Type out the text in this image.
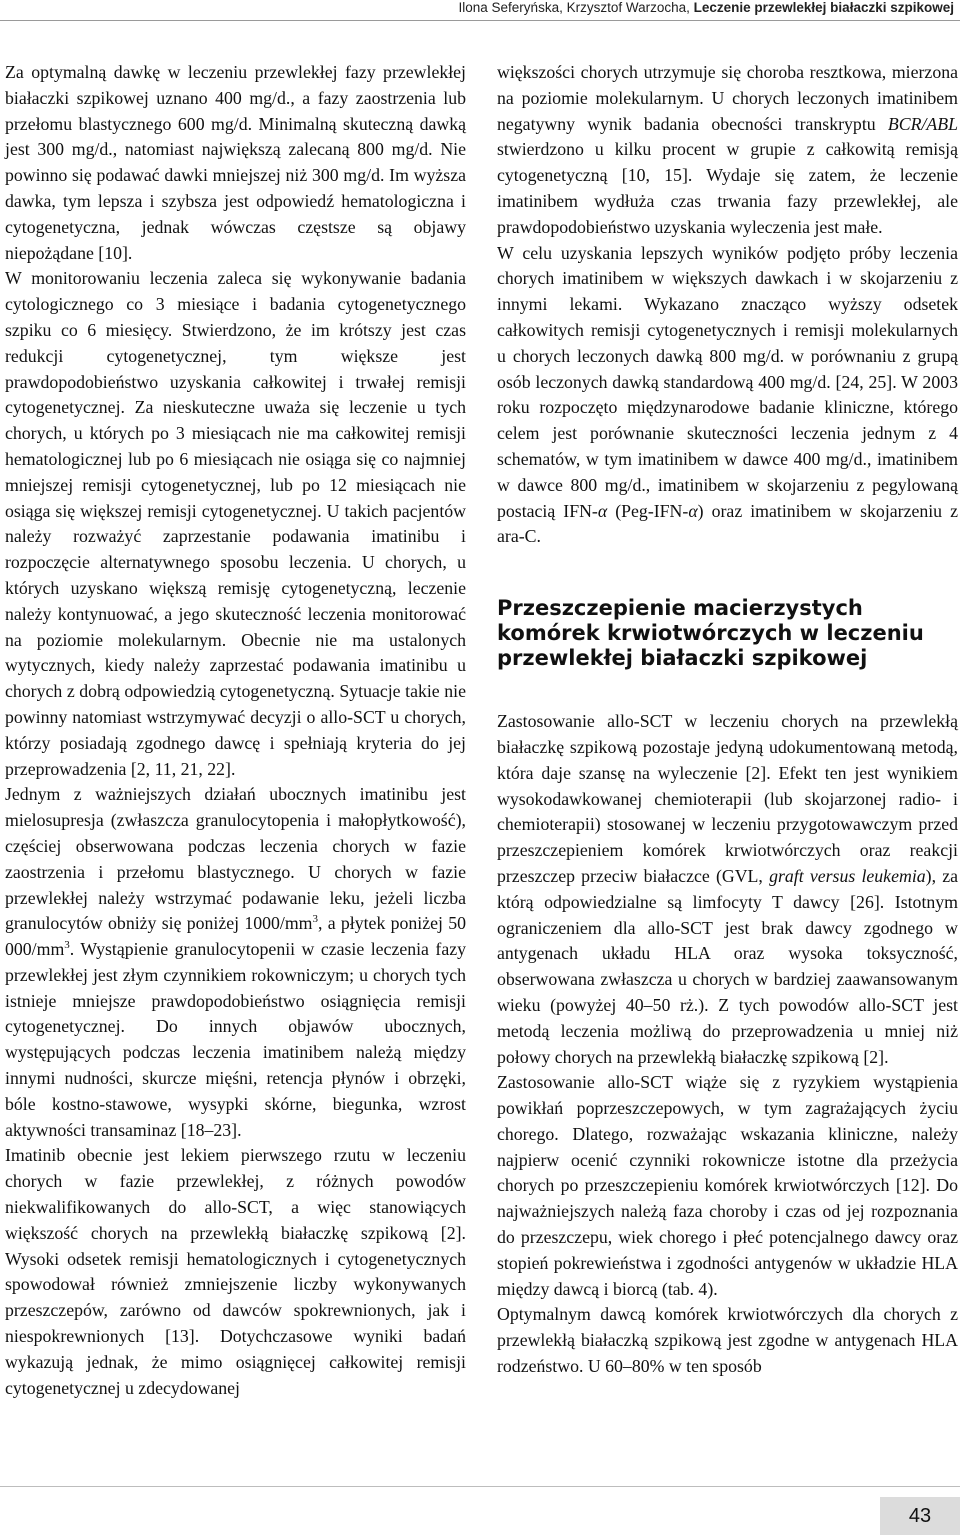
Ilona Seferyńska, Krzysztof Warzocha, Leczenie przewlekłej białaczki szpikowej

Za optymalną dawkę w leczeniu przewlekłej fazy przewlekłej białaczki szpikowej uznano 400 mg/d., a fazy zaostrzenia lub przełomu blastycznego 600 mg/d. Minimalną skuteczną dawką jest 300 mg/d., natomiast największą zalecaną 800 mg/d. Nie powinno się podawać dawki mniejszej niż 300 mg/d. Im wyższa dawka, tym lepsza i szybsza jest odpowiedź hematologiczna i cytogenetyczna, jednak wówczas częstsze są objawy niepożądane [10].

W monitorowaniu leczenia zaleca się wykonywanie badania cytologicznego co 3 miesiące i badania cytogenetycznego szpiku co 6 miesięcy. Stwierdzono, że im krótszy jest czas redukcji cytogenetycznej, tym większe jest prawdopodobieństwo uzyskania całkowitej i trwałej remisji cytogenetycznej. Za nieskuteczne uważa się leczenie u tych chorych, u których po 3 miesiącach nie ma całkowitej remisji hematologicznej lub po 6 miesiącach nie osiąga się co najmniej mniejszej remisji cytogenetycznej, lub po 12 miesiącach nie osiąga się większej remisji cytogenetycznej. U takich pacjentów należy rozważyć zaprzestanie podawania imatinibu i rozpoczęcie alternatywnego sposobu leczenia. U chorych, u których uzyskano większą remisję cytogenetyczną, leczenie należy kontynuować, a jego skuteczność leczenia monitorować na poziomie molekularnym. Obecnie nie ma ustalonych wytycznych, kiedy należy zaprzestać podawania imatinibu u chorych z dobrą odpowiedzią cytogenetyczną. Sytuacje takie nie powinny natomiast wstrzymywać decyzji o allo-SCT u chorych, którzy posiadają zgodnego dawcę i spełniają kryteria do jej przeprowadzenia [2, 11, 21, 22].

Jednym z ważniejszych działań ubocznych imatinibu jest mielosupresja (zwłaszcza granulocytopenia i małopłytkowość), częściej obserwowana podczas leczenia chorych w fazie zaostrzenia i przełomu blastycznego. U chorych w fazie przewlekłej należy wstrzymać podawanie leku, jeżeli liczba granulocytów obniży się poniżej $1000/mm^3$, a płytek poniżej 50 $000/mm^3$. Wystąpienie granulocytopenii w czasie leczenia fazy przewlekłej jest złym czynnikiem rokowniczym; u chorych tych istnieje mniejsze prawdopodobieństwo osiągnięcia remisji cytogenetycznej. Do innych objawów ubocznych, występujących podczas leczenia imatinibem należą między innymi nudności, skurcze mięśni, retencja płynów i obrzęki, bóle kostno-stawowe, wysypki skórne, biegunka, wzrost aktywności transaminaz [18–23].

Imatinib obecnie jest lekiem pierwszego rzutu w leczeniu chorych w fazie przewlekłej, z różnych powodów niekwalifikowanych do allo-SCT, a więc stanowiących większość chorych na przewlekłą białaczkę szpikową [2]. Wysoki odsetek remisji hematologicznych i cytogenetycznych spowodował również zmniejszenie liczby wykonywanych przeszczepów, zarówno od dawców spokrewnionych, jak i niespokrewnionych [13]. Dotychczasowe wyniki badań wykazują jednak, że mimo osiągnięcej całkowitej remisji cytogenetycznej u zdecydowanej

większości chorych utrzymuje się choroba resztkowa, mierzona na poziomie molekularnym. U chorych leczonych imatinibem negatywny wynik badania obecności transkryptu BCR/ABL stwierdzono u kilku procent w grupie z całkowitą remisją cytogenetyczną [10, 15]. Wydaje się zatem, że leczenie imatinibem wydłuża czas trwania fazy przewlekłej, ale prawdopodobieństwo uzyskania wyleczenia jest małe.

W celu uzyskania lepszych wyników podjęto próby leczenia chorych imatinibem w większych dawkach i w skojarzeniu z innymi lekami. Wykazano znacząco wyższy odsetek całkowitych remisji cytogenetycznych i remisji molekularnych u chorych leczonych dawką 800 mg/d. w porównaniu z grupą osób leczonych dawką standardową 400 mg/d. [24, 25]. W 2003 roku rozpoczęto międzynarodowe badanie kliniczne, którego celem jest porównanie skuteczności leczenia jednym z 4 schematów, w tym imatinibem w dawce 400 mg/d., imatinibem w dawce 800 mg/d., imatinibem w skojarzeniu z pegylowaną postacią IFN-α (Peg-IFN-α) oraz imatinibem w skojarzeniu z ara-C.

Przeszczepienie macierzystych komórek krwiotwórczych w leczeniu przewlekłej białaczki szpikowej

Zastosowanie allo-SCT w leczeniu chorych na przewlekłą białaczkę szpikową pozostaje jedyną udokumentowaną metodą, która daje szansę na wyleczenie [2]. Efekt ten jest wynikiem wysokodawkowanej chemioterapii (lub skojarzonej radio- i chemioterapii) stosowanej w leczeniu przygotowawczym przed przeszczepieniem komórek krwiotwórczych oraz reakcji przeszczep przeciw białaczce (GVL, graft versus leukemia), za którą odpowiedzialne są limfocyty T dawcy [26]. Istotnym ograniczeniem dla allo-SCT jest brak dawcy zgodnego w antygenach układu HLA oraz wysoka toksyczność, obserwowana zwłaszcza u chorych w bardziej zaawansowanym wieku (powyżej 40–50 rż.). Z tych powodów allo-SCT jest metodą leczenia możliwą do przeprowadzenia u mniej niż połowy chorych na przewlekłą białaczkę szpikową [2].

Zastosowanie allo-SCT wiąże się z ryzykiem wystąpienia powikłań poprzeszczepowych, w tym zagrażających życiu chorego. Dlatego, rozważając wskazania kliniczne, należy najpierw ocenić czynniki rokownicze istotne dla przeżycia chorych po przeszczepieniu komórek krwiotwórczych [12]. Do najważniejszych należą faza choroby i czas od jej rozpoznania do przeszczepu, wiek chorego i płeć potencjalnego dawcy oraz stopień pokrewieństwa i zgodności antygenów w układzie HLA między dawcą i biorcą (tab. 4).

Optymalnym dawcą komórek krwiotwórczych dla chorych z przewlekłą białaczką szpikową jest zgodne w antygenach HLA rodzeństwo. U 60–80% w ten sposób

43
